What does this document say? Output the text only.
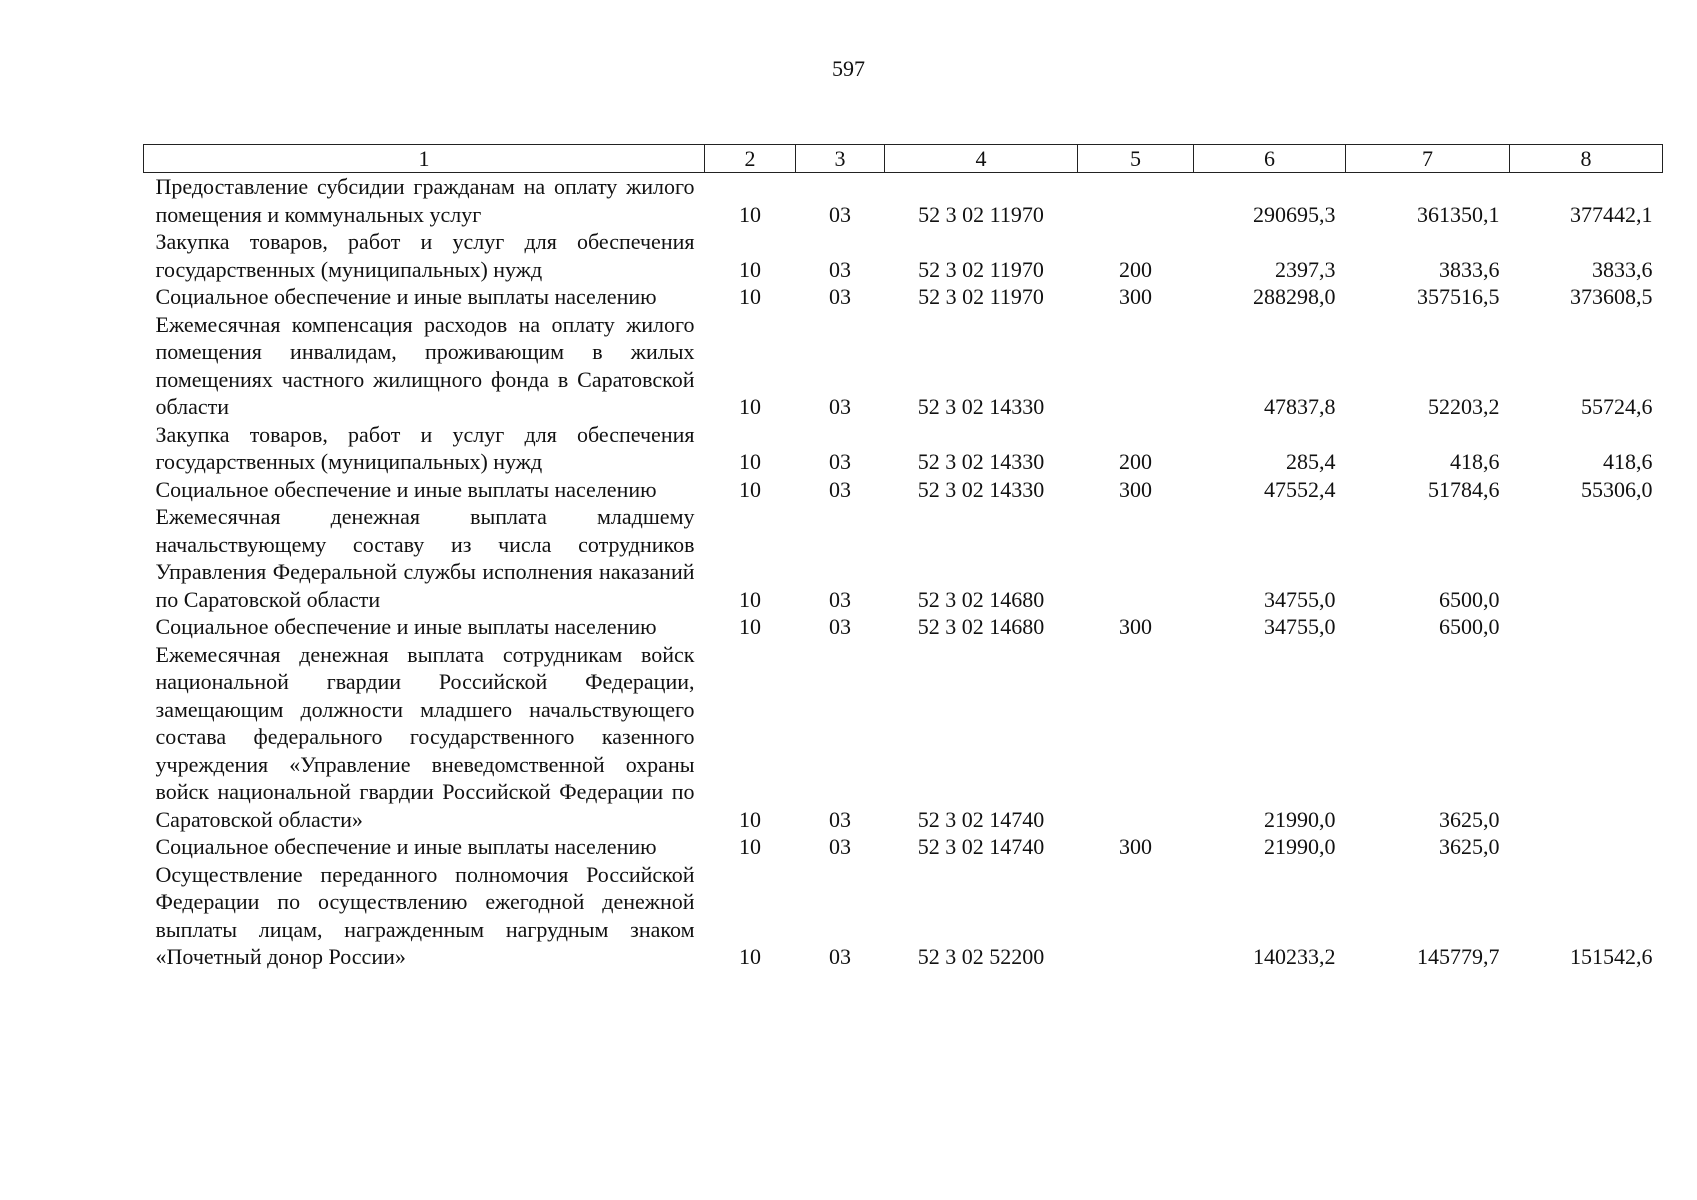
597
1	2	3	4	5	6	7	8
Предоставление субсидии гражданам на оплату жилого помещения и коммунальных услуг	10	03	52 3 02 11970		290695,3	361350,1	377442,1
Закупка товаров, работ и услуг для обеспечения государственных (муниципальных) нужд	10	03	52 3 02 11970	200	2397,3	3833,6	3833,6
Социальное обеспечение и иные выплаты населению	10	03	52 3 02 11970	300	288298,0	357516,5	373608,5
Ежемесячная компенсация расходов на оплату жилого помещения инвалидам, проживающим в жилых помещениях частного жилищного фонда в Саратовской области	10	03	52 3 02 14330		47837,8	52203,2	55724,6
Закупка товаров, работ и услуг для обеспечения государственных (муниципальных) нужд	10	03	52 3 02 14330	200	285,4	418,6	418,6
Социальное обеспечение и иные выплаты населению	10	03	52 3 02 14330	300	47552,4	51784,6	55306,0
Ежемесячная денежная выплата младшему начальствующему составу из числа сотрудников Управления Федеральной службы исполнения наказаний по Саратовской области	10	03	52 3 02 14680		34755,0	6500,0	
Социальное обеспечение и иные выплаты населению	10	03	52 3 02 14680	300	34755,0	6500,0	
Ежемесячная денежная выплата сотрудникам войск национальной гвардии Российской Федерации, замещающим должности младшего начальствующего состава федерального государственного казенного учреждения «Управление вневедомственной охраны войск национальной гвардии Российской Федерации по Саратовской области»	10	03	52 3 02 14740		21990,0	3625,0	
Социальное обеспечение и иные выплаты населению	10	03	52 3 02 14740	300	21990,0	3625,0	
Осуществление переданного полномочия Российской Федерации по осуществлению ежегодной денежной выплаты лицам, награжденным нагрудным знаком «Почетный донор России»	10	03	52 3 02 52200		140233,2	145779,7	151542,6
